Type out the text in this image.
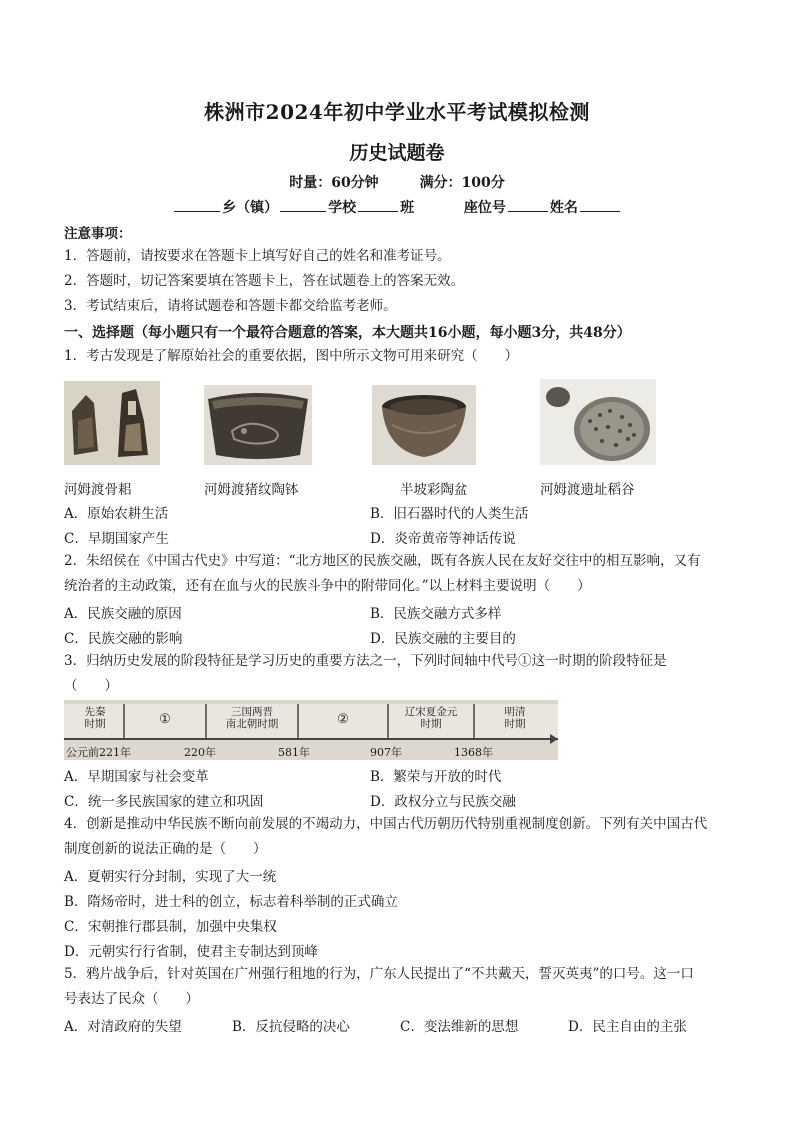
株洲市2024年初中学业水平考试模拟检测
历史试题卷
时量：60分钟	满分：100分
乡（镇）	学校	班	座位号	姓名
注意事项：
1．答题前，请按要求在答题卡上填写好自己的姓名和准考证号。
2．答题时，切记答案要填在答题卡上，答在试题卷上的答案无效。
3．考试结束后，请将试题卷和答题卡都交给监考老师。
一、选择题（每小题只有一个最符合题意的答案，本大题共16小题，每小题3分，共48分）
1．考古发现是了解原始社会的重要依据，图中所示文物可用来研究（　　）
河姆渡骨耜	河姆渡猪纹陶钵	半坡彩陶盆	河姆渡遗址稻谷
A．原始农耕生活	B．旧石器时代的人类生活
C．早期国家产生	D．炎帝黄帝等神话传说
2．朱绍侯在《中国古代史》中写道：“北方地区的民族交融，既有各族人民在友好交往中的相互影响，又有
统治者的主动政策，还有在血与火的民族斗争中的附带同化。”以上材料主要说明（　　）
A．民族交融的原因	B．民族交融方式多样
C．民族交融的影响	D．民族交融的主要目的
3．归纳历史发展的阶段特征是学习历史的重要方法之一，下列时间轴中代号①这一时期的阶段特征是
（　　）
先秦
时期	①	三国两晋
南北朝时期	②	辽宋夏金元
时期
明清
时期
公元前221年	220年	581年	907年	1368年
A．早期国家与社会变革	B．繁荣与开放的时代
C．统一多民族国家的建立和巩固	D．政权分立与民族交融
4．创新是推动中华民族不断向前发展的不竭动力，中国古代历朝历代特别重视制度创新。下列有关中国古代
制度创新的说法正确的是（　　）
A．夏朝实行分封制，实现了大一统
B．隋炀帝时，进士科的创立，标志着科举制的正式确立
C．宋朝推行郡县制，加强中央集权
D．元朝实行行省制，使君主专制达到顶峰
5．鸦片战争后，针对英国在广州强行租地的行为，广东人民提出了“不共戴天，誓灭英夷”的口号。这一口
号表达了民众（　　）
A．对清政府的失望	B．反抗侵略的决心	C．变法维新的思想	D．民主自由的主张
